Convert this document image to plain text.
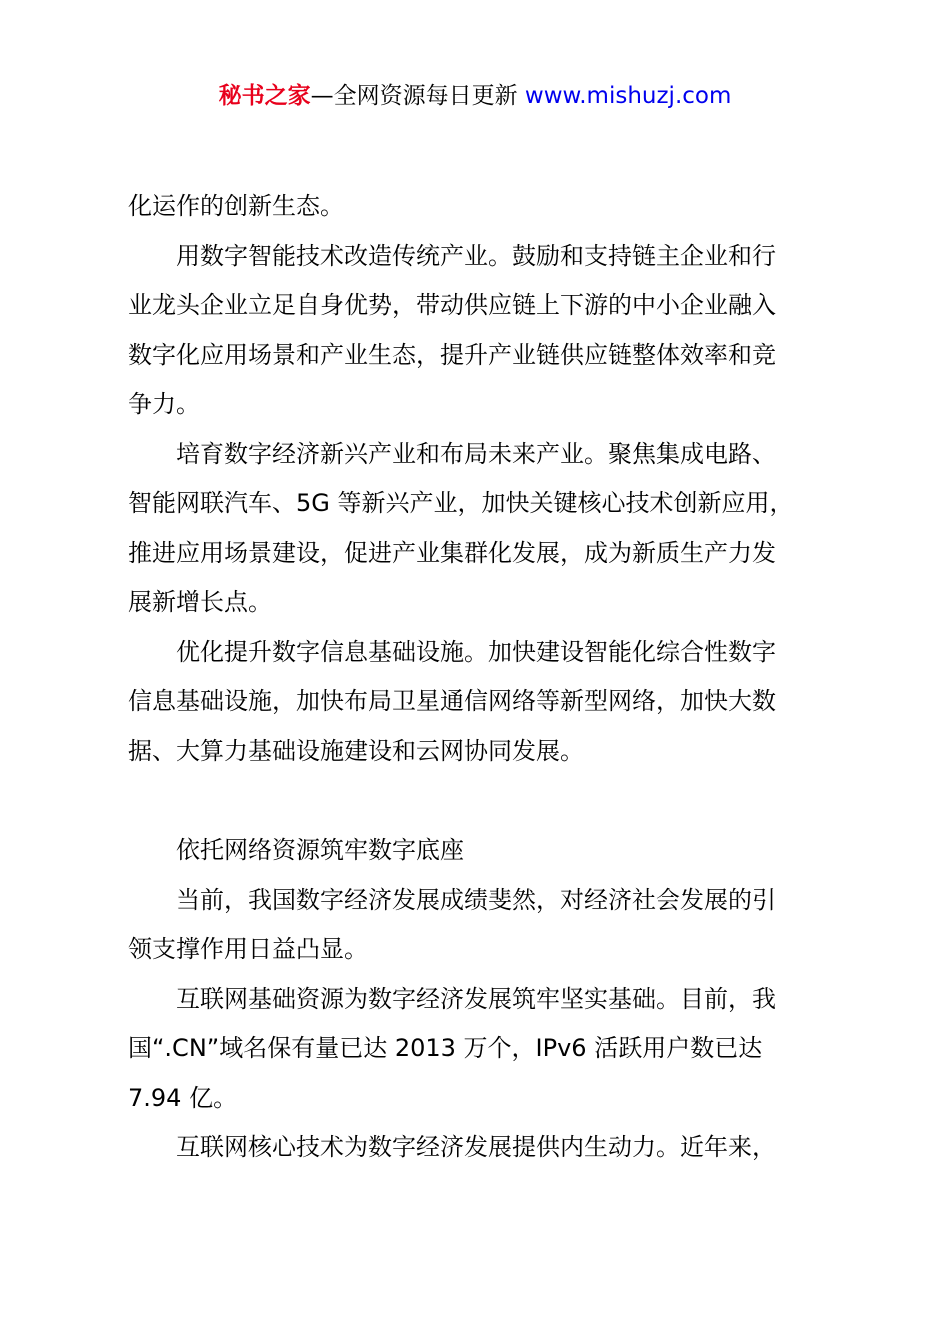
秘书之家—全网资源每日更新 www.mishuzj.com
化运作的创新生态。
用数字智能技术改造传统产业。鼓励和支持链主企业和行
业龙头企业立足自身优势，带动供应链上下游的中小企业融入
数字化应用场景和产业生态，提升产业链供应链整体效率和竞
争力。
培育数字经济新兴产业和布局未来产业。聚焦集成电路、
智能网联汽车、5G 等新兴产业，加快关键核心技术创新应用，
推进应用场景建设，促进产业集群化发展，成为新质生产力发
展新增长点。
优化提升数字信息基础设施。加快建设智能化综合性数字
信息基础设施，加快布局卫星通信网络等新型网络，加快大数
据、大算力基础设施建设和云网协同发展。
依托网络资源筑牢数字底座
当前，我国数字经济发展成绩斐然，对经济社会发展的引
领支撑作用日益凸显。
互联网基础资源为数字经济发展筑牢坚实基础。目前，我
国“.CN”域名保有量已达 2013 万个，IPv6 活跃用户数已达
7.94 亿。
互联网核心技术为数字经济发展提供内生动力。近年来，
